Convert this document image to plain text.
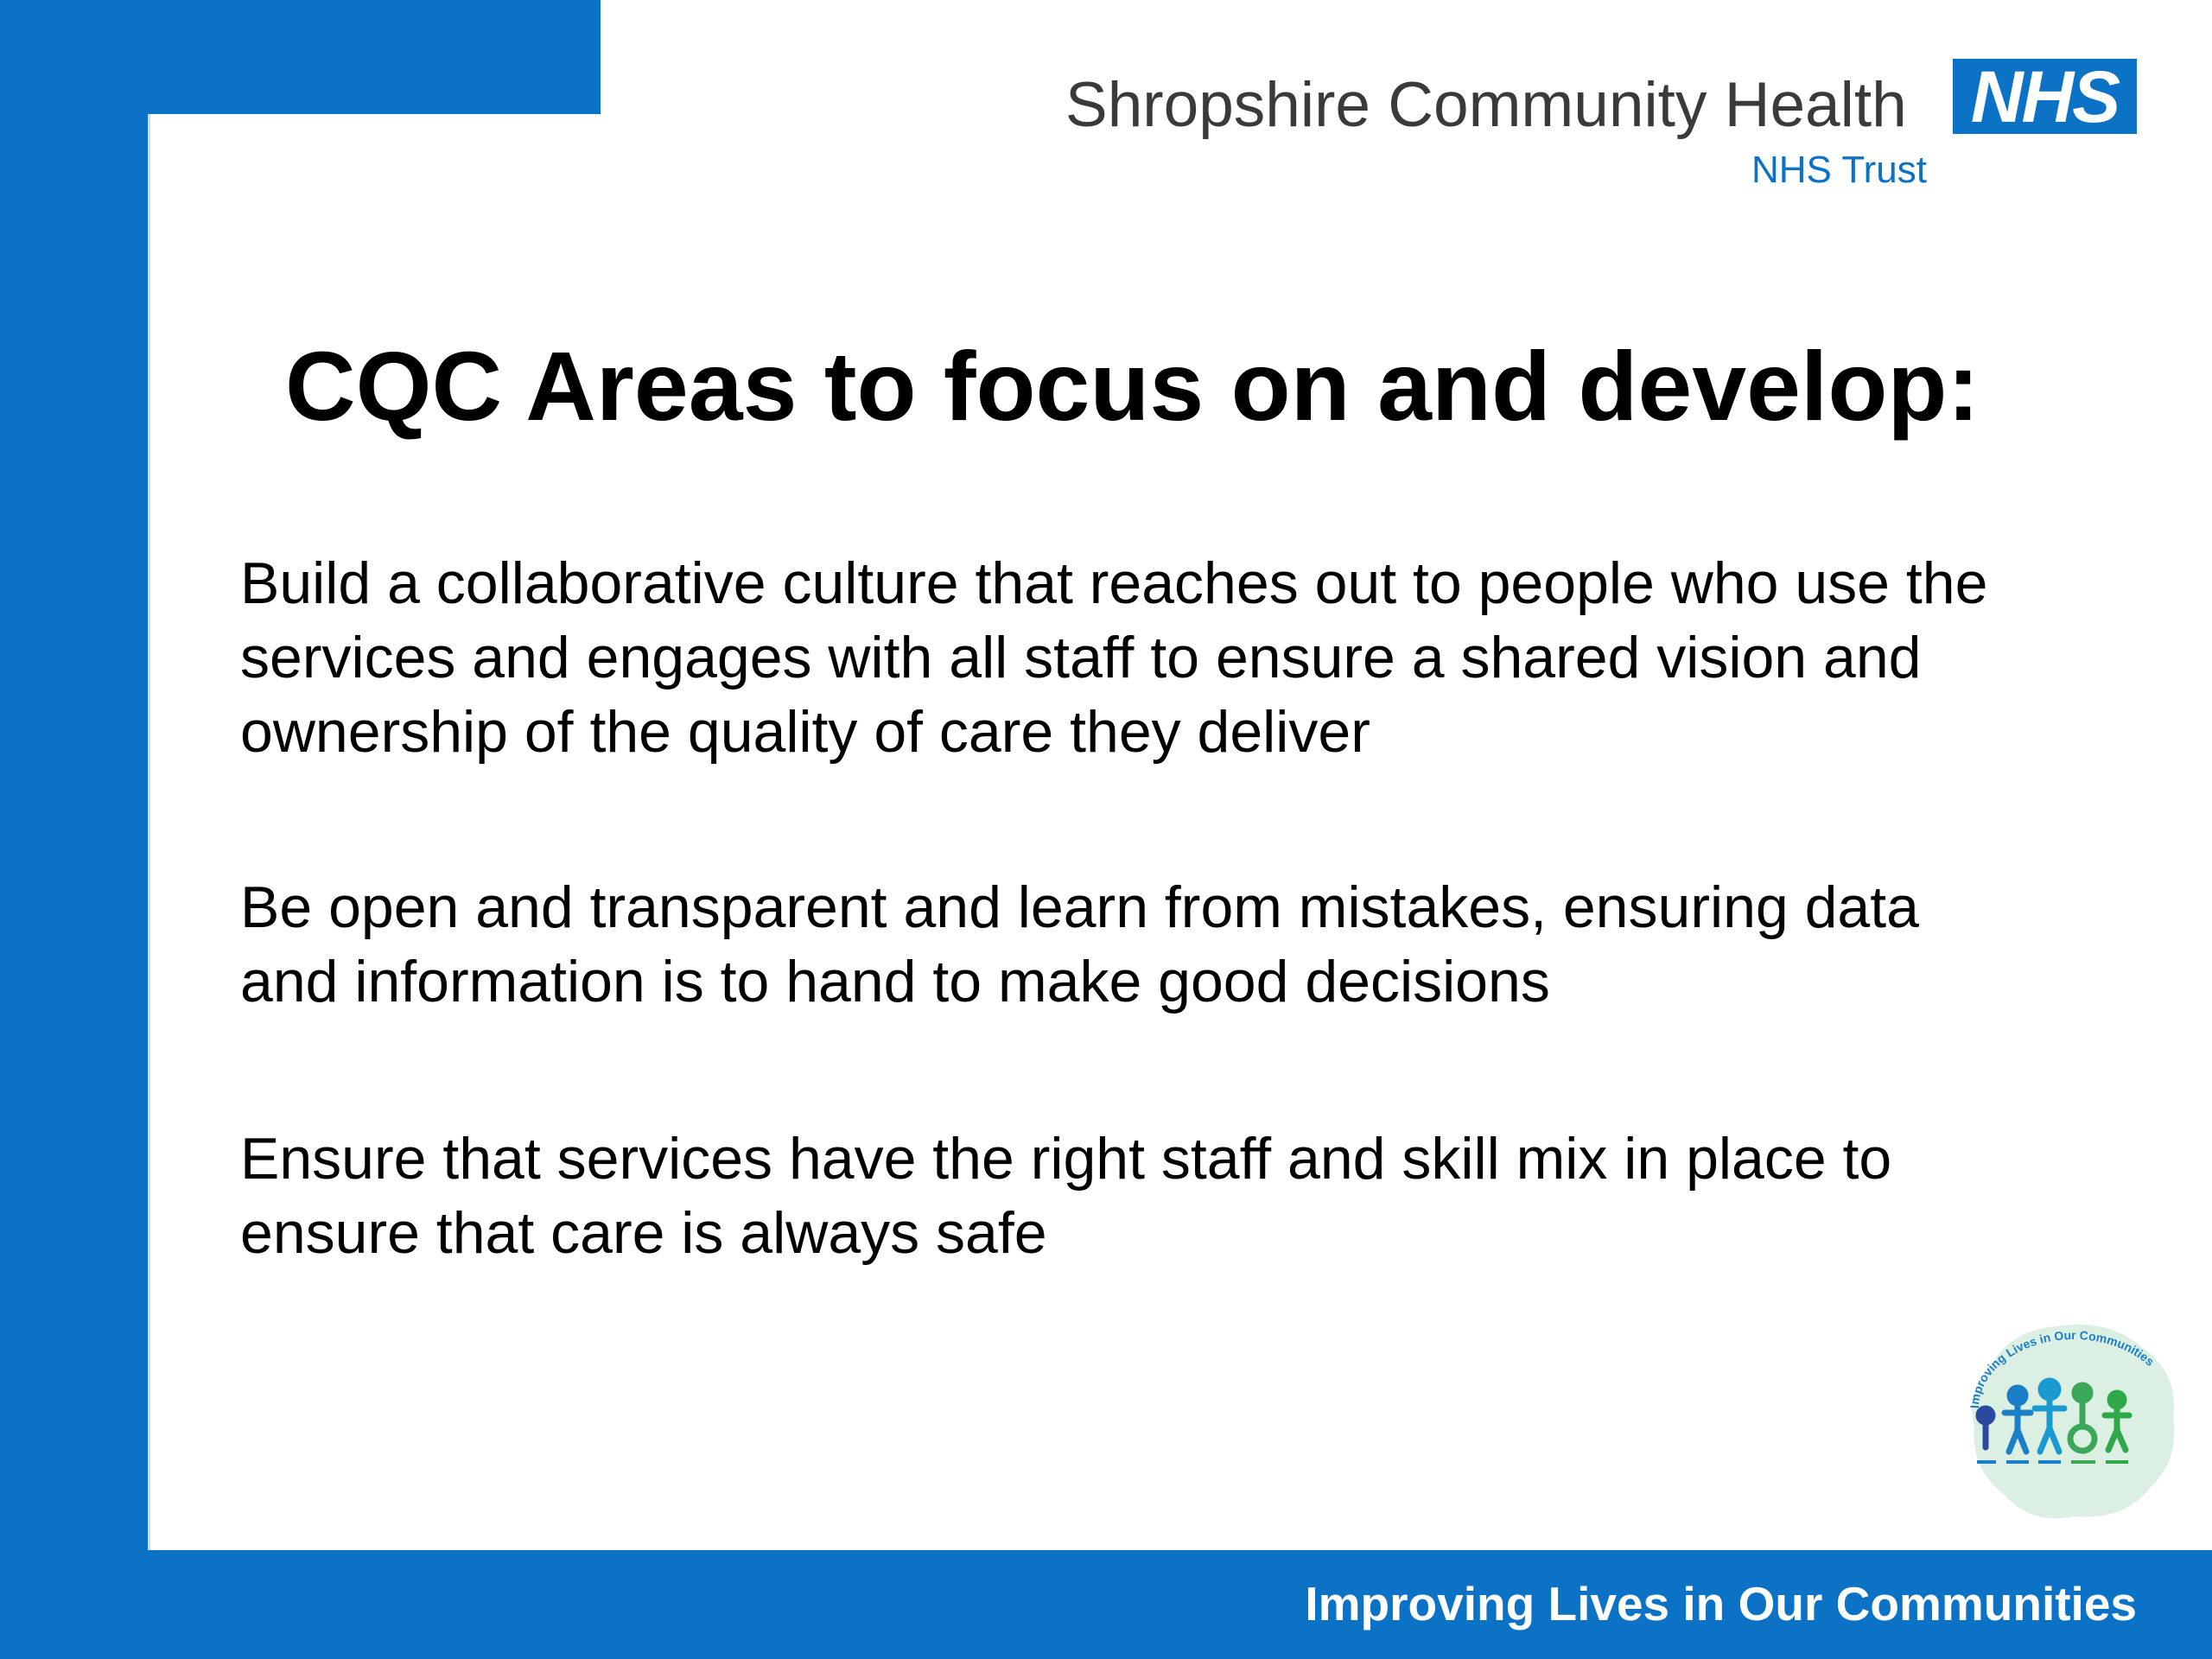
Shropshire Community Health
NHS Trust
NHS
CQC Areas to focus on and develop:

Build a collaborative culture that reaches out to people who use the services and engages with all staff to ensure a shared vision and ownership of the quality of care they deliver

Be open and transparent and learn from mistakes, ensuring data and information is to hand to make good decisions

Ensure that services have the right staff and skill mix in place to ensure that care is always safe

Improving Lives in Our Communities
Improving Lives in Our Communities
